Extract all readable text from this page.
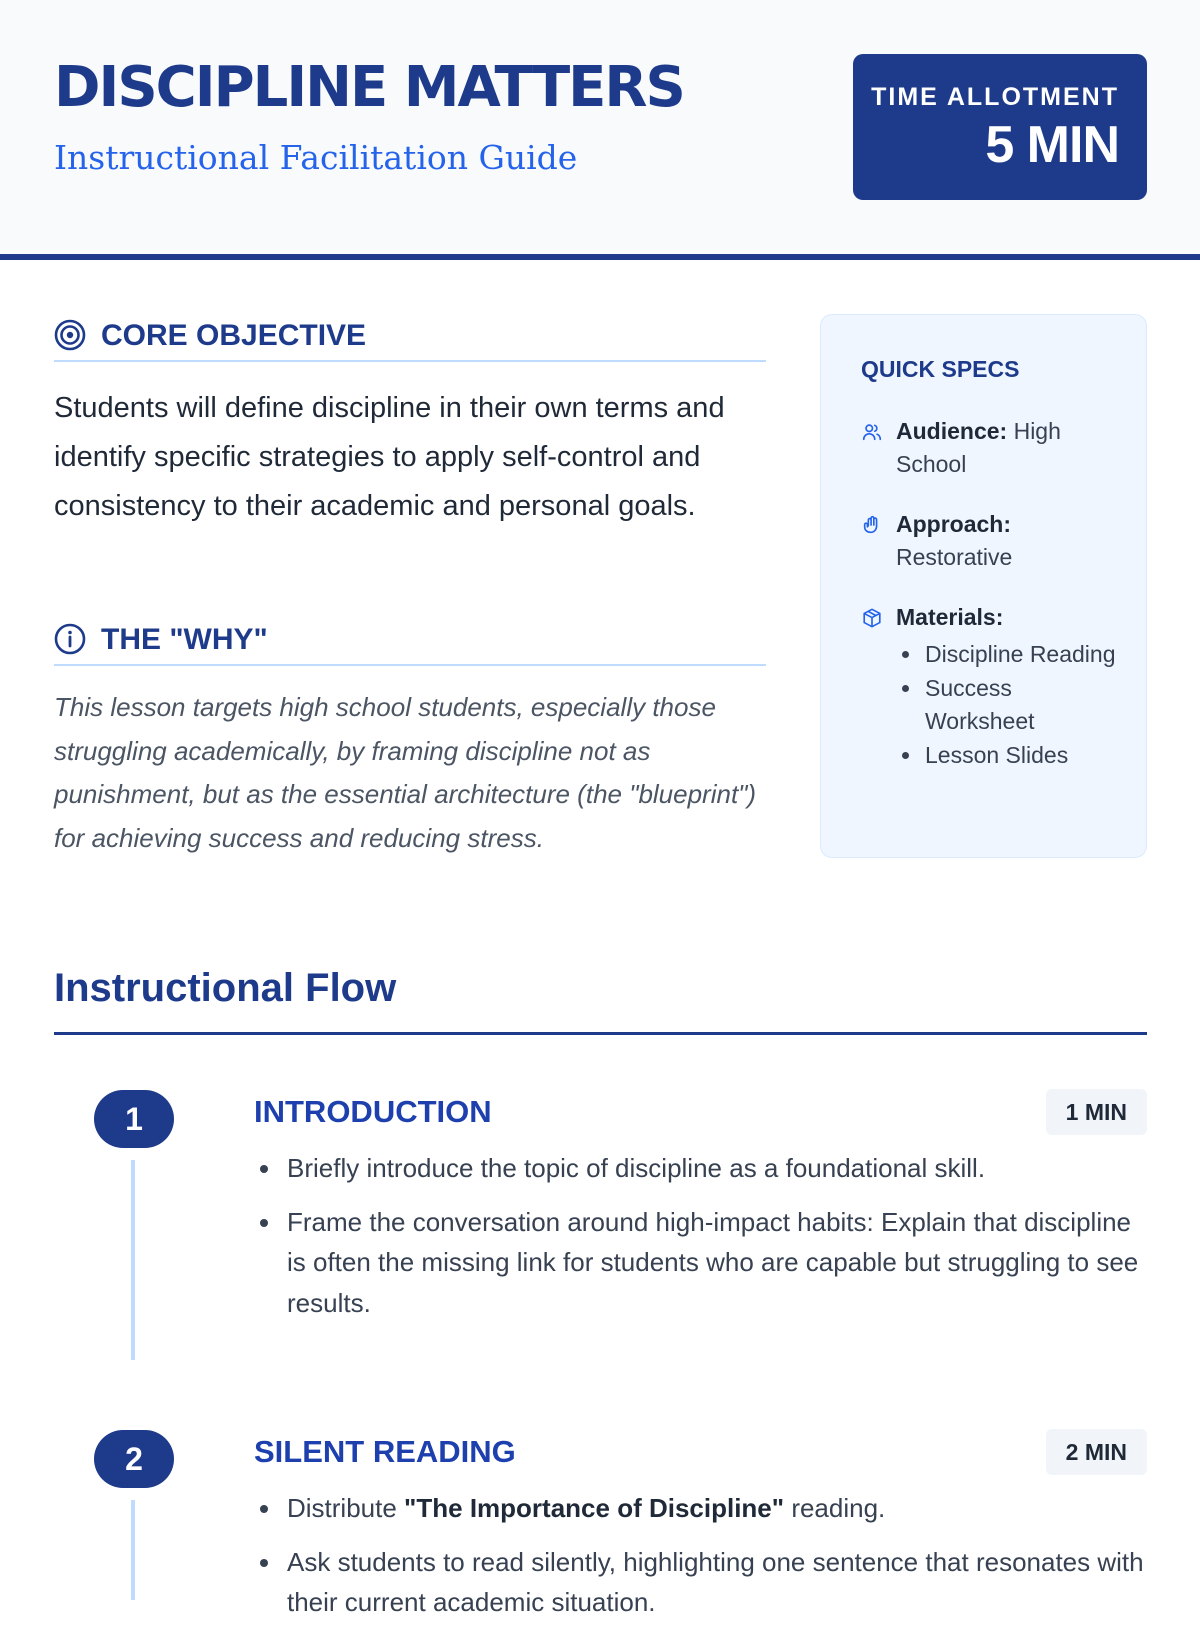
DISCIPLINE MATTERS
Instructional Facilitation Guide
TIME ALLOTMENT
5 MIN
CORE OBJECTIVE
Students will define discipline in their own terms and identify specific strategies to apply self-control and consistency to their academic and personal goals.
THE "WHY"
This lesson targets high school students, especially those struggling academically, by framing discipline not as punishment, but as the essential architecture (the "blueprint") for achieving success and reducing stress.
QUICK SPECS
Audience: High School
Approach: Restorative
Materials:
• Discipline Reading
• Success Worksheet
• Lesson Slides
Instructional Flow
1	INTRODUCTION	1 MIN
Briefly introduce the topic of discipline as a foundational skill.
Frame the conversation around high-impact habits: Explain that discipline is often the missing link for students who are capable but struggling to see results.
2	SILENT READING	2 MIN
Distribute "The Importance of Discipline" reading.
Ask students to read silently, highlighting one sentence that resonates with their current academic situation.
